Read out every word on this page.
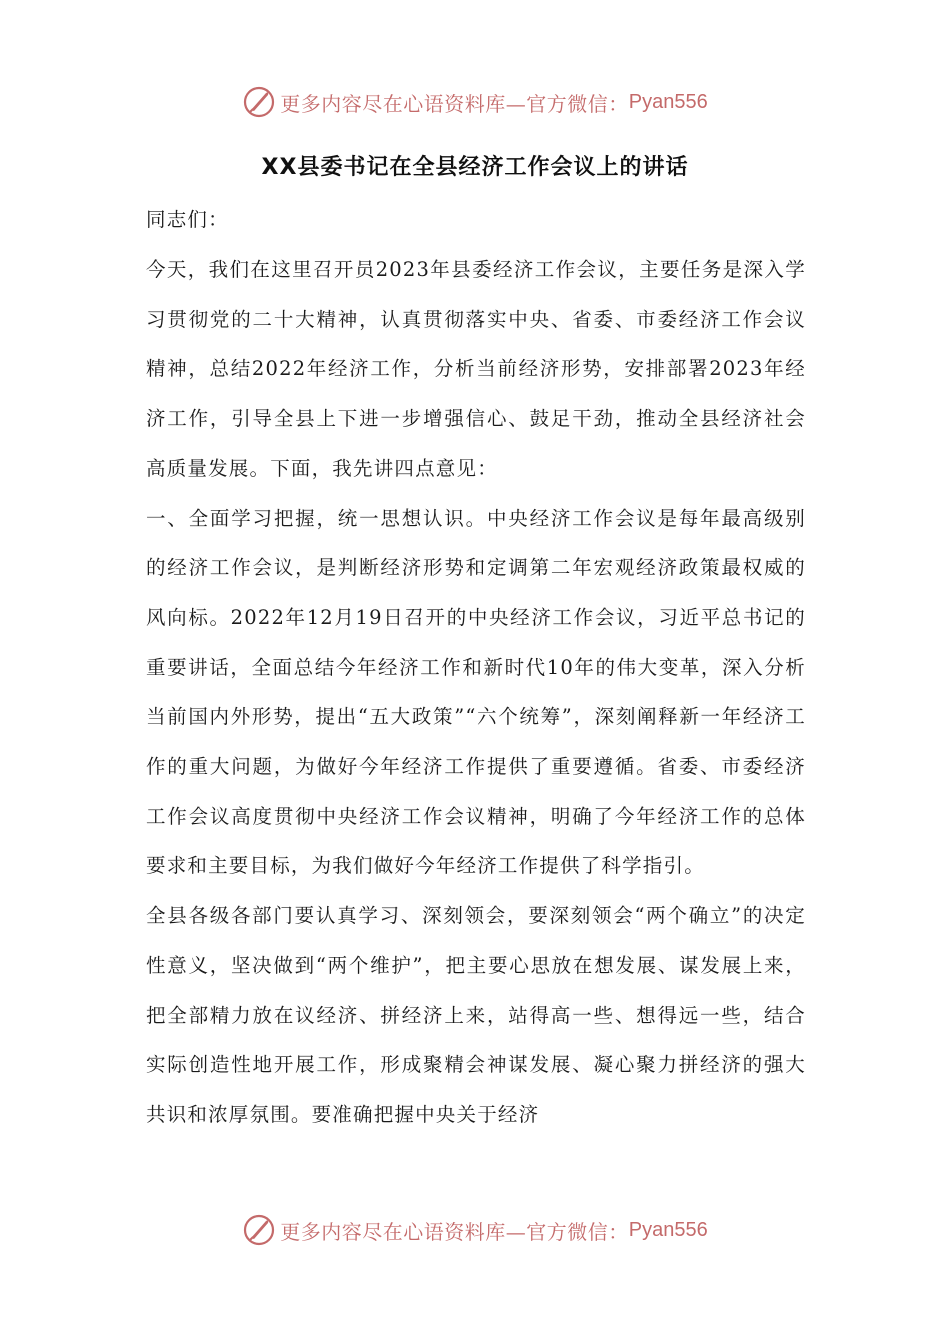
更多内容尽在心语资料库—官方微信： Pyan556
XX县委书记在全县经济工作会议上的讲话

同志们：

今天，我们在这里召开员2023年县委经济工作会议，主要任务是深入学习贯彻党的二十大精神，认真贯彻落实中央、省委、市委经济工作会议精神，总结2022年经济工作，分析当前经济形势，安排部署2023年经济工作，引导全县上下进一步增强信心、鼓足干劲，推动全县经济社会高质量发展。下面，我先讲四点意见：

一、全面学习把握，统一思想认识。中央经济工作会议是每年最高级别的经济工作会议，是判断经济形势和定调第二年宏观经济政策最权威的风向标。2022年12月19日召开的中央经济工作会议，习近平总书记的重要讲话，全面总结今年经济工作和新时代10年的伟大变革，深入分析当前国内外形势，提出“五大政策”“六个统筹”，深刻阐释新一年经济工作的重大问题，为做好今年经济工作提供了重要遵循。省委、市委经济工作会议高度贯彻中央经济工作会议精神，明确了今年经济工作的总体要求和主要目标，为我们做好今年经济工作提供了科学指引。

全县各级各部门要认真学习、深刻领会，要深刻领会“两个确立”的决定性意义，坚决做到“两个维护”，把主要心思放在想发展、谋发展上来，把全部精力放在议经济、拼经济上来，站得高一些、想得远一些，结合实际创造性地开展工作，形成聚精会神谋发展、凝心聚力拼经济的强大共识和浓厚氛围。要准确把握中央关于经济

更多内容尽在心语资料库—官方微信： Pyan556
